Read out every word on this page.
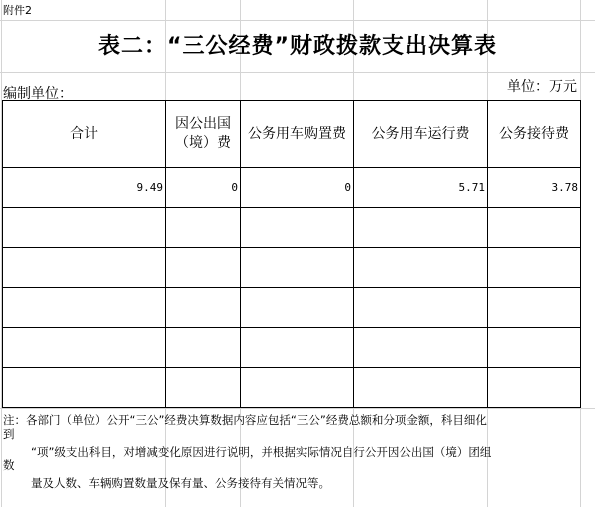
附件2
表二：“三公经费”财政拨款支出决算表
编制单位：	单位：万元
合计	因公出国（境）费	公务用车购置费	公务用车运行费	公务接待费
9.49	0	0	5.71	3.78

注：各部门（单位）公开“三公”经费决算数据内容应包括“三公”经费总额和分项金额，科目细化

到

“项”级支出科目，对增减变化原因进行说明，并根据实际情况自行公开因公出国（境）团组

数

量及人数、车辆购置数量及保有量、公务接待有关情况等。
